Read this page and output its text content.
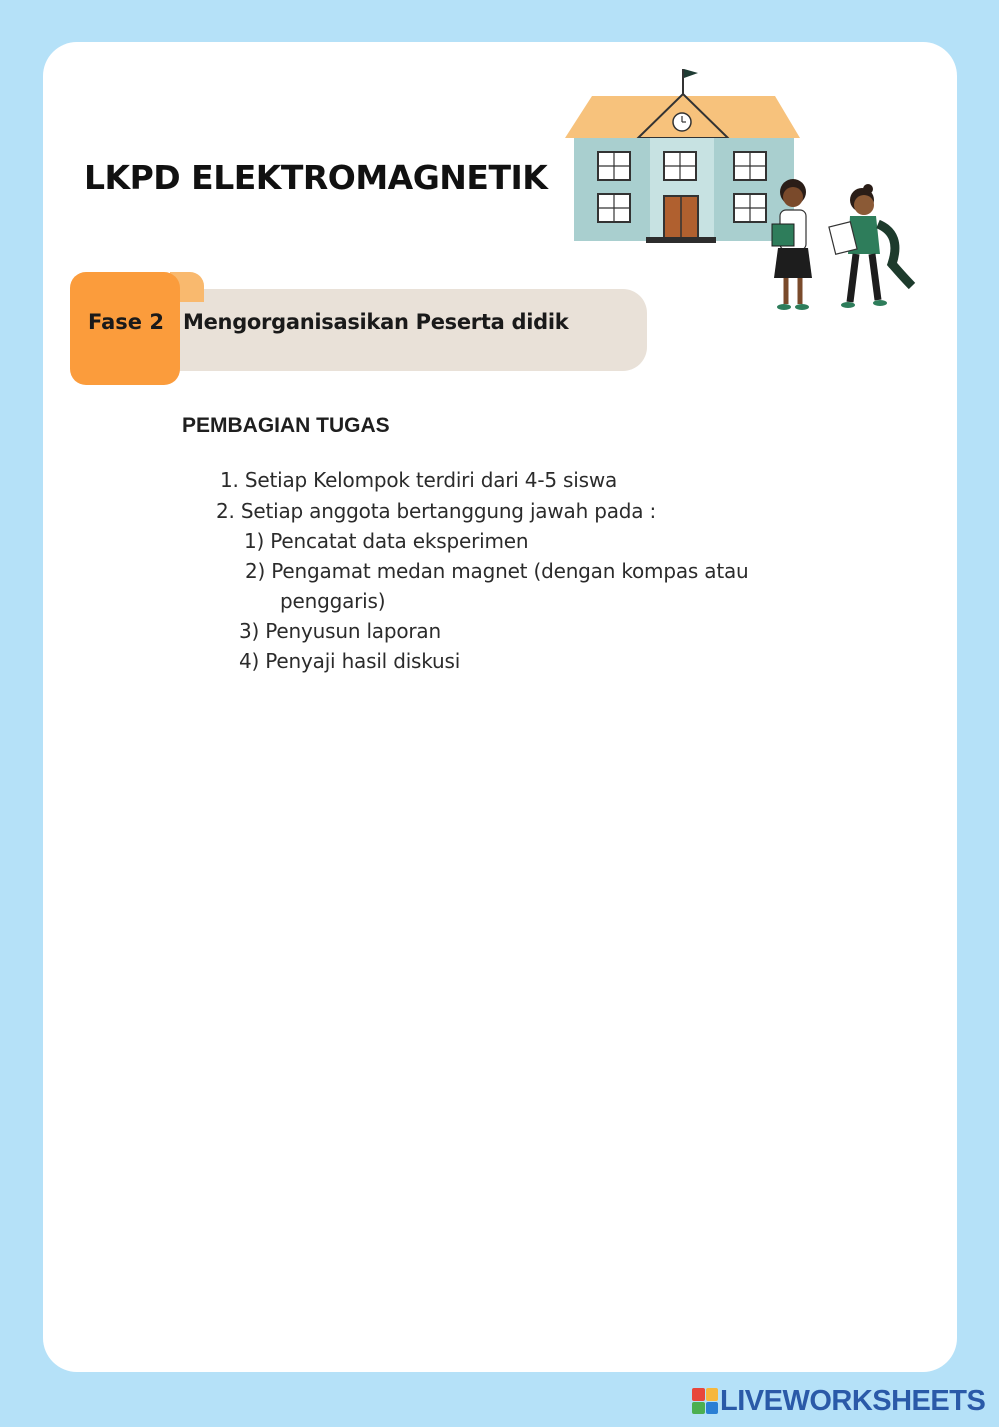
LKPD ELEKTROMAGNETIK
Fase 2 Mengorganisasikan Peserta didik
PEMBAGIAN TUGAS
1. Setiap Kelompok terdiri dari 4-5 siswa
2. Setiap anggota bertanggung jawah pada :
1) Pencatat data eksperimen
2) Pengamat medan magnet (dengan kompas atau
penggaris)
3) Penyusun laporan
4) Penyaji hasil diskusi
LIVEWORKSHEETS
